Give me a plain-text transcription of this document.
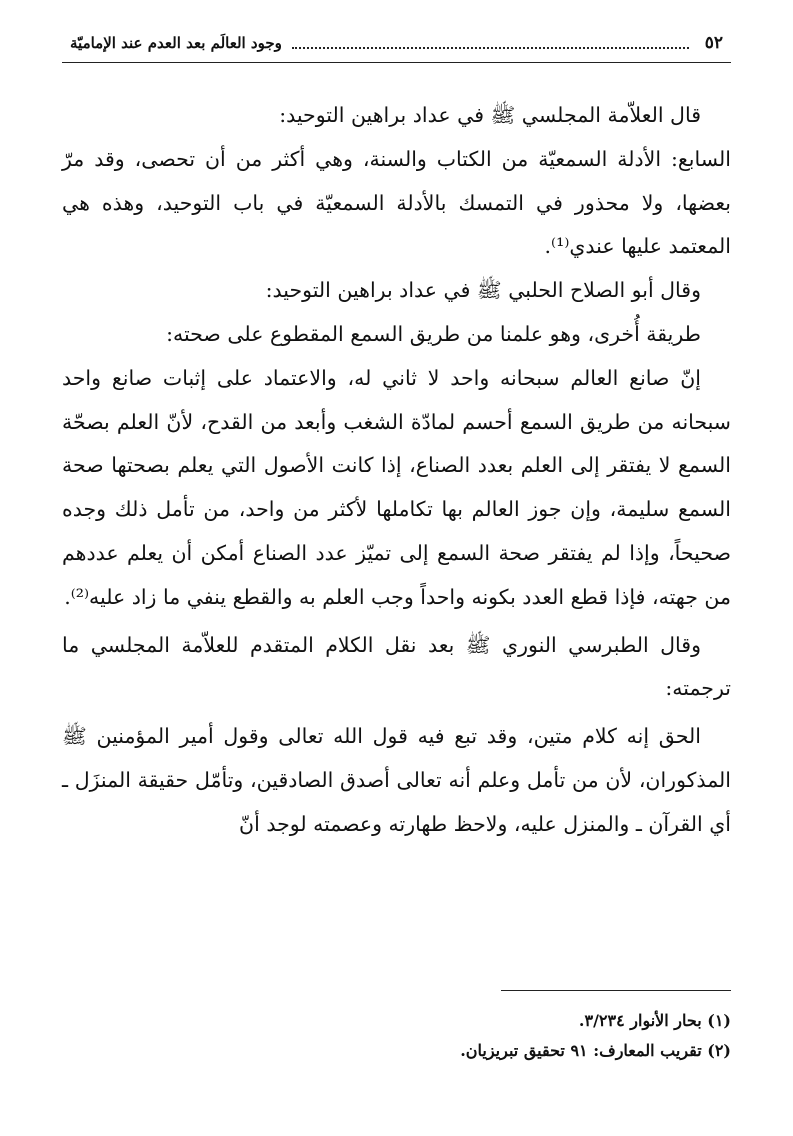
٥٢
وجود العالَم بعد العدم عند الإماميّة

قال العلاّمة المجلسي ﷺ في عداد براهين التوحيد:

السابع: الأدلة السمعيّة من الكتاب والسنة، وهي أكثر من أن تحصى، وقد مرّ بعضها، ولا محذور في التمسك بالأدلة السمعيّة في باب التوحيد، وهذه هي المعتمد عليها عندي⁽¹⁾.

وقال أبو الصلاح الحلبي ﷺ في عداد براهين التوحيد:

طريقة أُخرى، وهو علمنا من طريق السمع المقطوع على صحته:

إنّ صانع العالم سبحانه واحد لا ثاني له، والاعتماد على إثبات صانع واحد سبحانه من طريق السمع أحسم لمادّة الشغب وأبعد من القدح، لأنّ العلم بصحّة السمع لا يفتقر إلى العلم بعدد الصناع، إذا كانت الأصول التي يعلم بصحتها صحة السمع سليمة، وإن جوز العالم بها تكاملها لأكثر من واحد، من تأمل ذلك وجده صحيحاً، وإذا لم يفتقر صحة السمع إلى تميّز عدد الصناع أمكن أن يعلم عددهم من جهته، فإذا قطع العدد بكونه واحداً وجب العلم به والقطع ينفي ما زاد عليه⁽²⁾.

وقال الطبرسي النوري ﷺ بعد نقل الكلام المتقدم للعلاّمة المجلسي ما ترجمته:

الحق إنه كلام متين، وقد تبع فيه قول الله تعالى وقول أمير المؤمنين ﷺ المذكوران، لأن من تأمل وعلم أنه تعالى أصدق الصادقين، وتأمّل حقيقة المنزَل ـ أي القرآن ـ والمنزل عليه، ولاحظ طهارته وعصمته لوجد أنّ

(١) بحار الأنوار ٣/٢٣٤.

(٢) تقريب المعارف: ٩١ تحقيق تبريزيان.
